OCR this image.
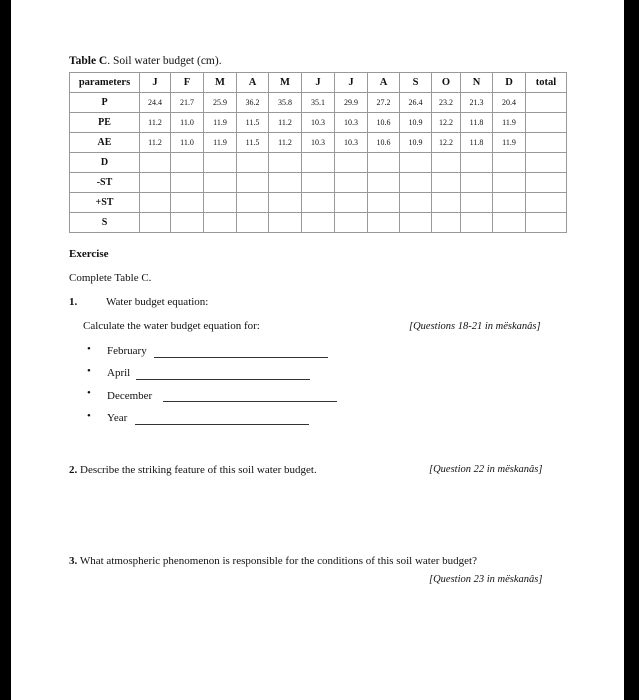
Table C. Soil water budget (cm).
parameters	J	F	M	A	M	J	J	A	S	O	N	D	total
P	24.4	21.7	25.9	36.2	35.8	35.1	29.9	27.2	26.4	23.2	21.3	20.4	
PE	11.2	11.0	11.9	11.5	11.2	10.3	10.3	10.6	10.9	12.2	11.8	11.9	
AE	11.2	11.0	11.9	11.5	11.2	10.3	10.3	10.6	10.9	12.2	11.8	11.9	
D													
-ST													
+ST													
S													
Exercise
Complete Table C.
1.	Water budget equation:
Calculate the water budget equation for:	[Questions 18-21 in mëskanâs]
• February
• April
• December
• Year
2. Describe the striking feature of this soil water budget.	[Question 22 in mëskanâs]
3. What atmospheric phenomenon is responsible for the conditions of this soil water budget?
[Question 23 in mëskanâs]
